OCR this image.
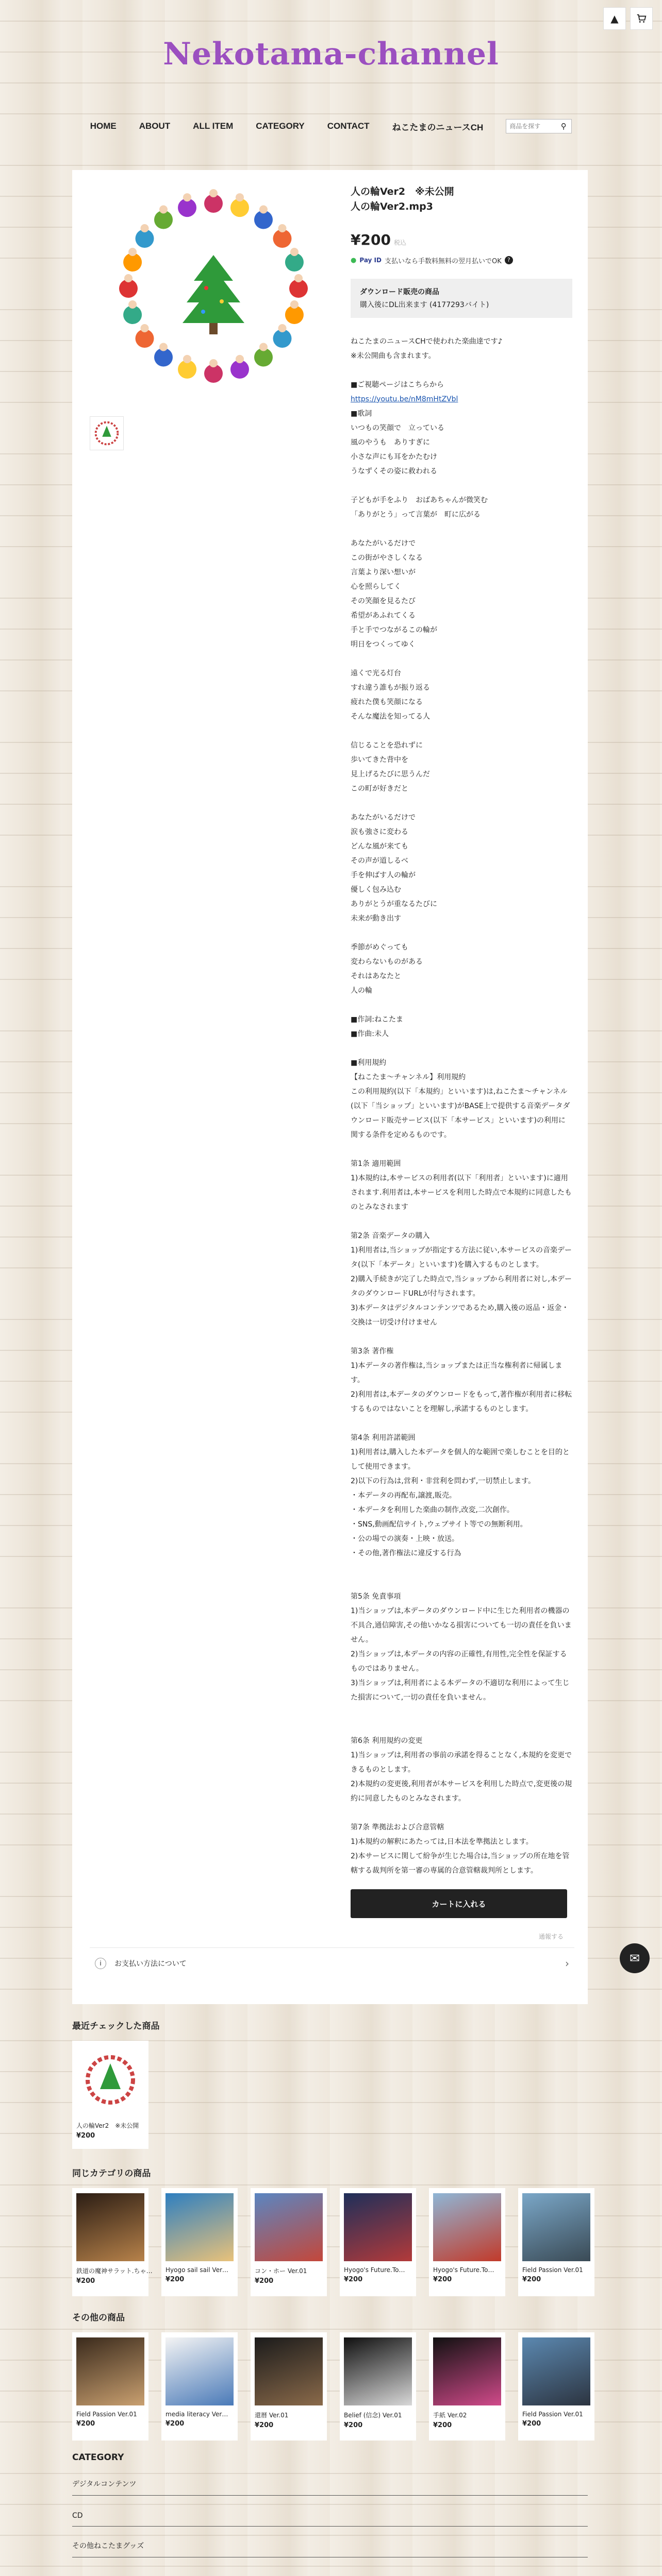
▲
Nekotama-channel
HOME	ABOUT	ALL ITEM	CATEGORY	CONTACT	ねこたまのニュースCH
商品を探す	⚲

人の輪Ver2　※未公開
人の輪Ver2.mp3
¥200 税込
● Pay ID 支払いなら手数料無料の翌月払いでOK	?
ダウンロード販売の商品
購入後にDL出来ます (4177293バイト)
ねこたまのニュースCHで使われた楽曲達です♪
※未公開曲も含まれます。

■ご視聴ページはこちらから
https://youtu.be/nM8mHtZVbl
■歌詞
いつもの笑顔で　立っている
風のやうも　ありすぎに
小さな声にも耳をかたむけ
うなずくその姿に救われる

子どもが手をふり　おばあちゃんが微笑む
「ありがとう」って言葉が　町に広がる

あなたがいるだけで
この街がやさしくなる
言葉より深い想いが
心を照らしてく
その笑顔を見るたび
希望があふれてくる
手と手でつながるこの輪が
明日をつくってゆく

遠くで光る灯台
すれ違う誰もが振り返る
疲れた僕も笑顔になる
そんな魔法を知ってる人

信じることを恐れずに
歩いてきた背中を
見上げるたびに思うんだ
この町が好きだと

あなたがいるだけで
涙も強さに変わる
どんな風が来ても
その声が道しるべ
手を伸ばす人の輪が
優しく包み込む
ありがとうが重なるたびに
未来が動き出す

季節がめぐっても
変わらないものがある
それはあなたと
人の輪

■作詞:ねこたま
■作曲:未人

■利用規約
【ねこたま～チャンネル】利用規約
この利用規約(以下「本規約」といいます)は,ねこたま～チャンネル(以下「当ショップ」といいます)がBASE上で提供する音楽データダウンロード販売サービス(以下「本サービス」といいます)の利用に関する条件を定めるものです。

第1条 適用範囲
1)本規約は,本サービスの利用者(以下「利用者」といいます)に適用されます.利用者は,本サービスを利用した時点で本規約に同意したものとみなされます

第2条 音楽データの購入
1)利用者は,当ショップが指定する方法に従い,本サービスの音楽データ(以下「本データ」といいます)を購入するものとします。
2)購入手続きが完了した時点で,当ショップから利用者に対し,本データのダウンロードURLが付与されます。
3)本データはデジタルコンテンツであるため,購入後の返品・返金・交換は一切受け付けません

第3条 著作権
1)本データの著作権は,当ショップまたは正当な権利者に帰属します。
2)利用者は,本データのダウンロードをもって,著作権が利用者に移転するものではないことを理解し,承諾するものとします。

第4条 利用許諾範囲
1)利用者は,購入した本データを個人的な範囲で楽しむことを目的として使用できます。
2)以下の行為は,営利・非営利を問わず,一切禁止します。
・本データの再配布,譲渡,販売。
・本データを利用した楽曲の制作,改変,二次創作。
・SNS,動画配信サイト,ウェブサイト等での無断利用。
・公の場での演奏・上映・放送。
・その他,著作権法に違反する行為

第5条 免責事項
1)当ショップは,本データのダウンロード中に生じた利用者の機器の不具合,通信障害,その他いかなる損害についても一切の責任を負いません。
2)当ショップは,本データの内容の正確性,有用性,完全性を保証するものではありません。
3)当ショップは,利用者による本データの不適切な利用によって生じた損害について,一切の責任を負いません。

第6条 利用規約の変更
1)当ショップは,利用者の事前の承諾を得ることなく,本規約を変更できるものとします。
2)本規約の変更後,利用者が本サービスを利用した時点で,変更後の規約に同意したものとみなされます。

第7条 準拠法および合意管轄
1)本規約の解釈にあたっては,日本法を準拠法とします。
2)本サービスに関して紛争が生じた場合は,当ショップの所在地を管轄する裁判所を第一審の専属的合意管轄裁判所とします。
カートに入れる
通報する
i	お支払い方法について	›	✉
最近チェックした商品
人の輪Ver2　※未公開
¥200
同じカテゴリの商品
鉄道の魔神サラット.ちゃ…
¥200
Hyogo sail sail Ver…
¥200
コン・ホー Ver.01
¥200
Hyogo's Future.To…
¥200
Hyogo's Future.To…
¥200
Field Passion Ver.01
¥200
その他の商品
Field Passion Ver.01
¥200
media literacy Ver…
¥200
還暦 Ver.01
¥200
Belief (信念) Ver.01
¥200
手紙 Ver.02
¥200
Field Passion Ver.01
¥200
CATEGORY
デジタルコンテンツ
CD
その他ねこたまグッズ
